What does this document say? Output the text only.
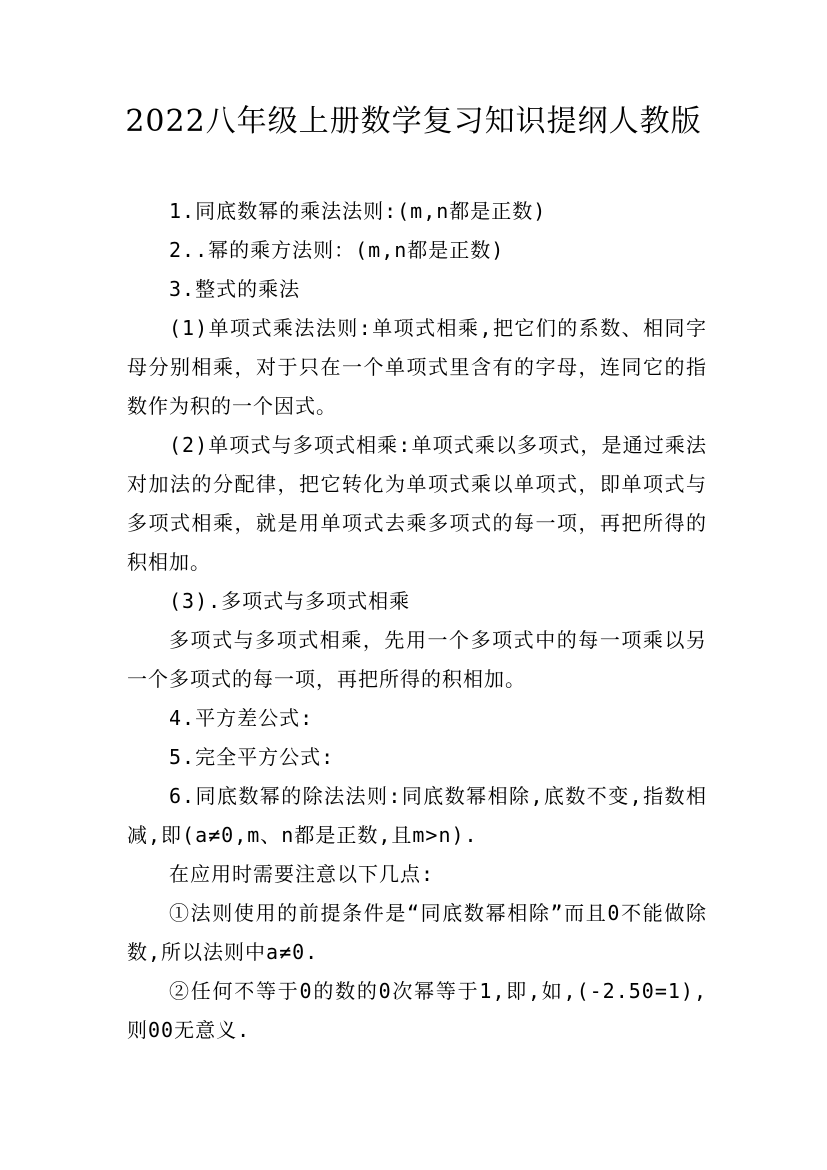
2022八年级上册数学复习知识提纲人教版

1.同底数幂的乘法法则:(m,n都是正数)

2..幂的乘方法则：(m,n都是正数)

3.整式的乘法

(1)单项式乘法法则:单项式相乘,把它们的系数、相同字母分别相乘，对于只在一个单项式里含有的字母，连同它的指数作为积的一个因式。

(2)单项式与多项式相乘:单项式乘以多项式，是通过乘法对加法的分配律，把它转化为单项式乘以单项式，即单项式与多项式相乘，就是用单项式去乘多项式的每一项，再把所得的积相加。

(3).多项式与多项式相乘

多项式与多项式相乘，先用一个多项式中的每一项乘以另一个多项式的每一项，再把所得的积相加。

4.平方差公式:

5.完全平方公式:

6.同底数幂的除法法则:同底数幂相除,底数不变,指数相减,即(a≠0,m、n都是正数,且m>n).

在应用时需要注意以下几点:

①法则使用的前提条件是“同底数幂相除”而且0不能做除数,所以法则中a≠0.

②任何不等于0的数的0次幂等于1,即,如,(-2.50=1),则00无意义.
